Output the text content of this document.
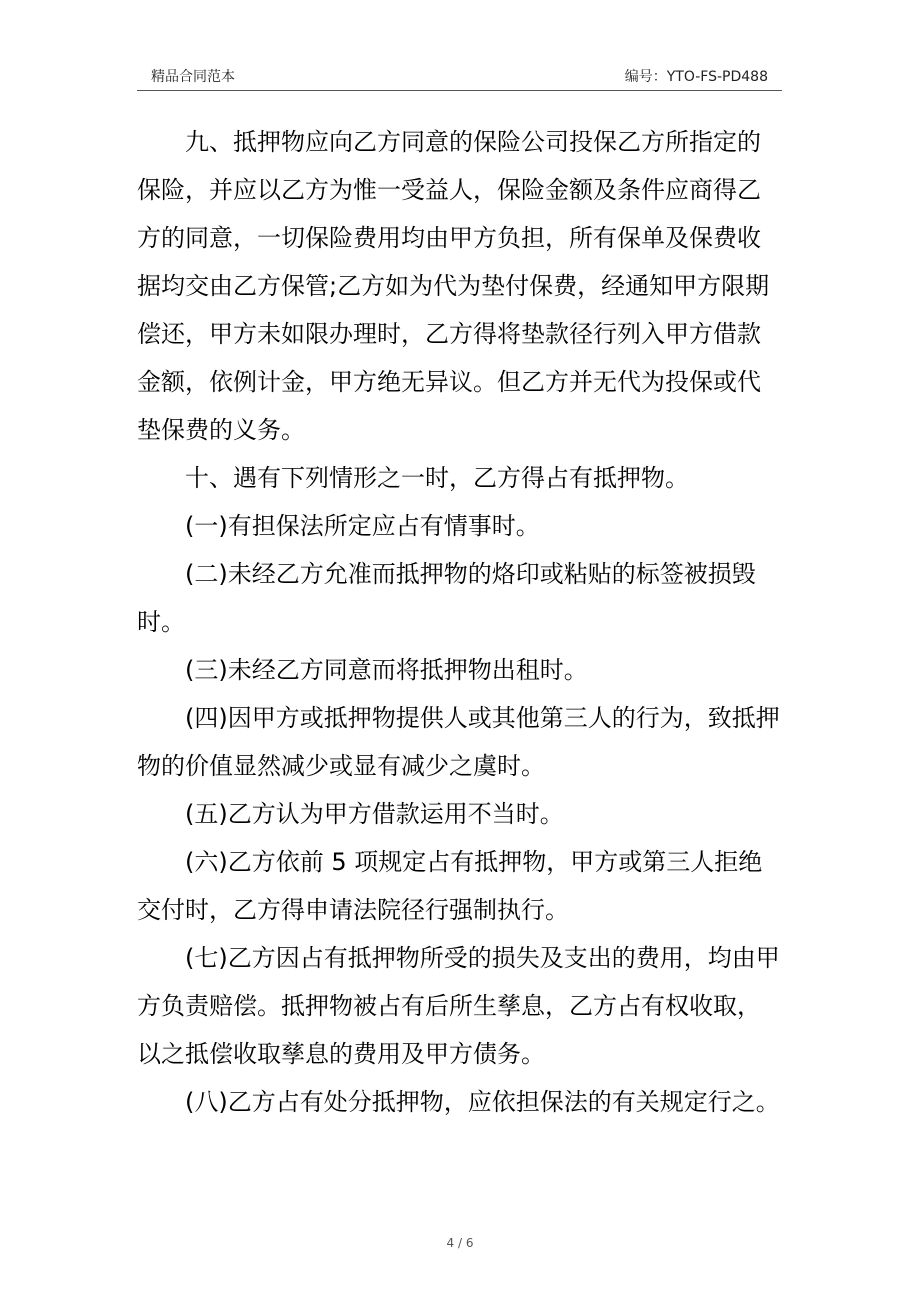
精品合同范本	编号：YTO-FS-PD488

九、抵押物应向乙方同意的保险公司投保乙方所指定的保险，并应以乙方为惟一受益人，保险金额及条件应商得乙方的同意，一切保险费用均由甲方负担，所有保单及保费收据均交由乙方保管;乙方如为代为垫付保费，经通知甲方限期偿还，甲方未如限办理时，乙方得将垫款径行列入甲方借款金额，依例计金，甲方绝无异议。但乙方并无代为投保或代垫保费的义务。

十、遇有下列情形之一时，乙方得占有抵押物。

(一)有担保法所定应占有情事时。

(二)未经乙方允准而抵押物的烙印或粘贴的标签被损毁时。

(三)未经乙方同意而将抵押物出租时。

(四)因甲方或抵押物提供人或其他第三人的行为，致抵押物的价值显然减少或显有减少之虞时。

(五)乙方认为甲方借款运用不当时。

(六)乙方依前 5 项规定占有抵押物，甲方或第三人拒绝交付时，乙方得申请法院径行强制执行。

(七)乙方因占有抵押物所受的损失及支出的费用，均由甲方负责赔偿。抵押物被占有后所生孳息，乙方占有权收取，以之抵偿收取孳息的费用及甲方债务。

(八)乙方占有处分抵押物，应依担保法的有关规定行之。

4 / 6
